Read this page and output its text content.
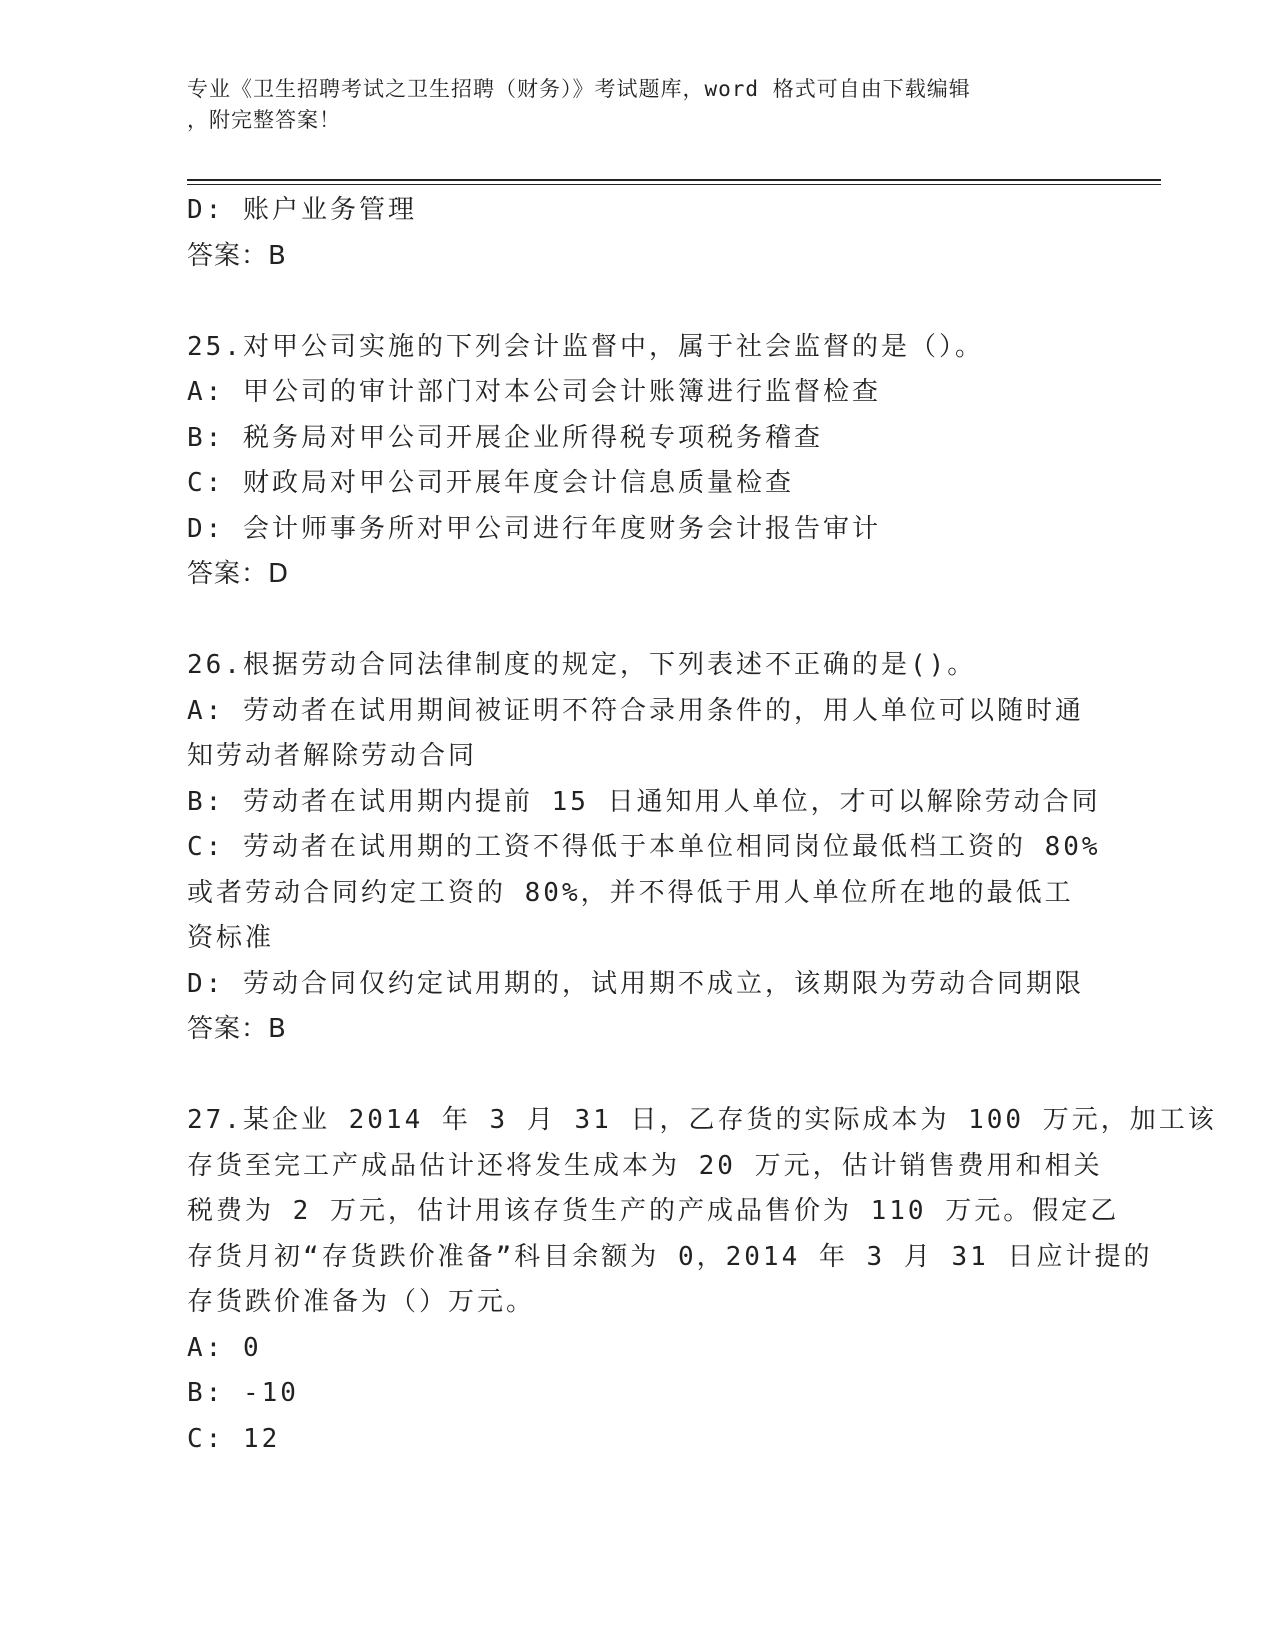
专业《卫生招聘考试之卫生招聘（财务）》考试题库，word 格式可自由下载编辑
，附完整答案！
D: 账户业务管理
答案：B
25.对甲公司实施的下列会计监督中，属于社会监督的是（）。
A: 甲公司的审计部门对本公司会计账簿进行监督检查
B: 税务局对甲公司开展企业所得税专项税务稽查
C: 财政局对甲公司开展年度会计信息质量检查
D: 会计师事务所对甲公司进行年度财务会计报告审计
答案：D
26.根据劳动合同法律制度的规定，下列表述不正确的是()。
A: 劳动者在试用期间被证明不符合录用条件的，用人单位可以随时通
知劳动者解除劳动合同
B: 劳动者在试用期内提前 15 日通知用人单位，才可以解除劳动合同
C: 劳动者在试用期的工资不得低于本单位相同岗位最低档工资的 80%
或者劳动合同约定工资的 80%，并不得低于用人单位所在地的最低工
资标准
D: 劳动合同仅约定试用期的，试用期不成立，该期限为劳动合同期限
答案：B
27.某企业 2014 年 3 月 31 日，乙存货的实际成本为 100 万元，加工该
存货至完工产成品估计还将发生成本为 20 万元，估计销售费用和相关
税费为 2 万元，估计用该存货生产的产成品售价为 110 万元。假定乙
存货月初“存货跌价准备”科目余额为 0，2014 年 3 月 31 日应计提的
存货跌价准备为（）万元。
A: 0
B: -10
C: 12
